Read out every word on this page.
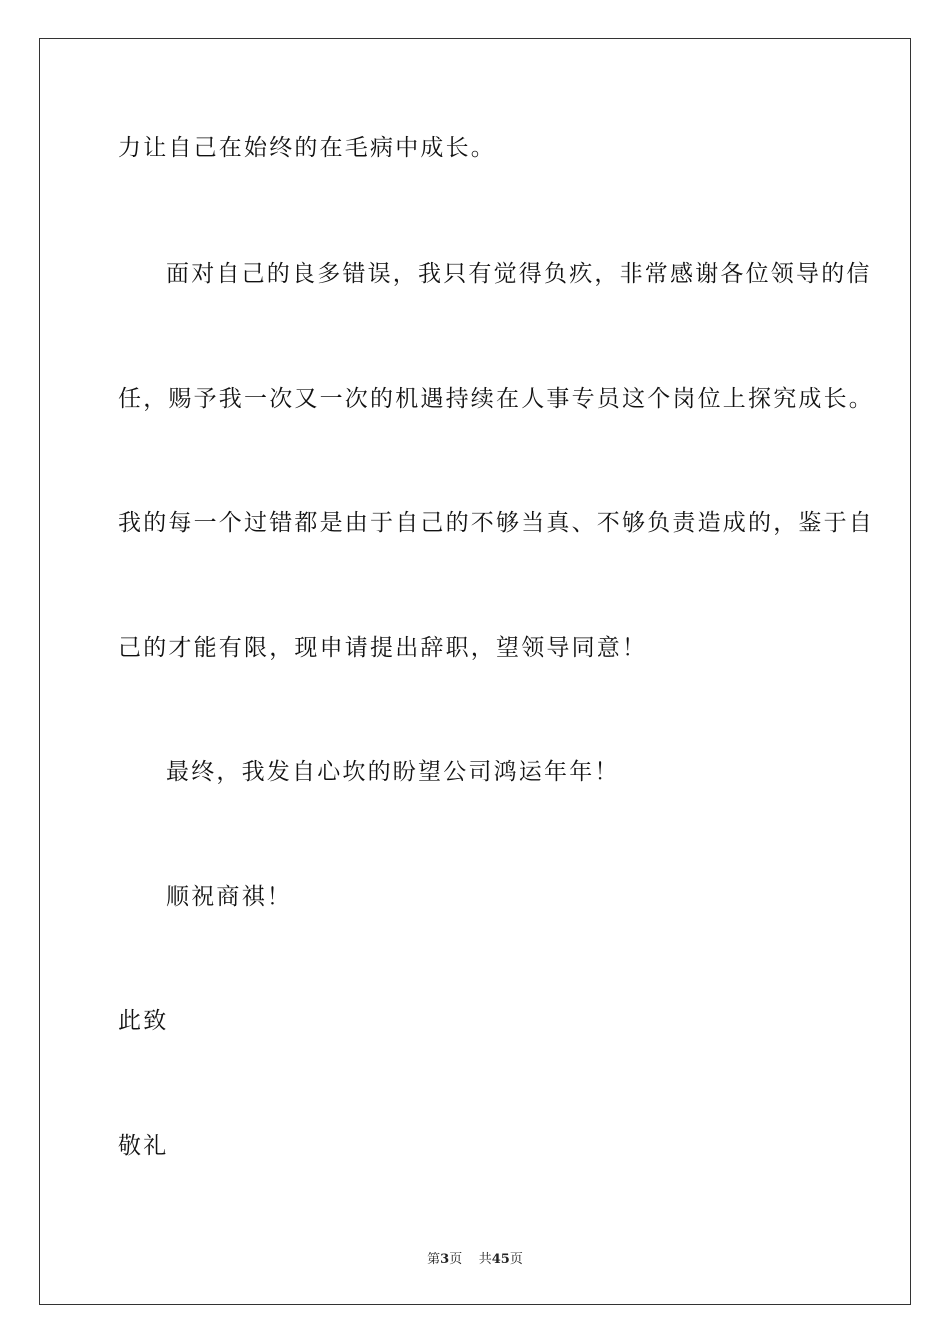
力让自己在始终的在毛病中成长。
面对自己的良多错误，我只有觉得负疚，非常感谢各位领导的信
任，赐予我一次又一次的机遇持续在人事专员这个岗位上探究成长。
我的每一个过错都是由于自己的不够当真、不够负责造成的，鉴于自
己的才能有限，现申请提出辞职，望领导同意！
最终，我发自心坎的盼望公司鸿运年年！
顺祝商祺！
此致
敬礼
第3页 共45页
